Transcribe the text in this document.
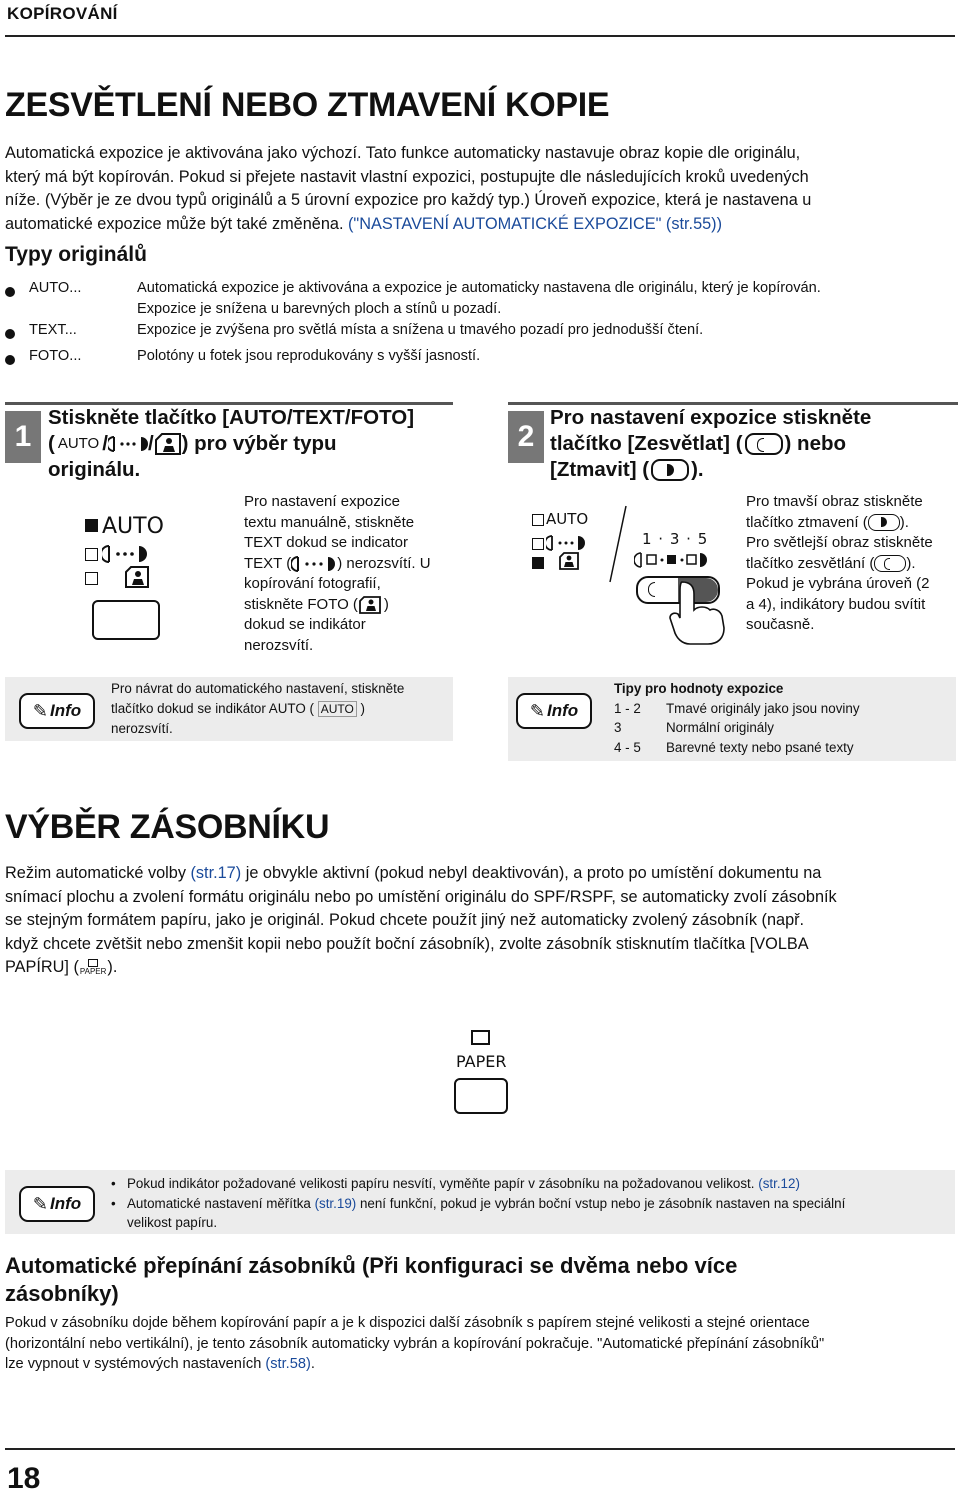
KOPÍROVÁNÍ
ZESVĚTLENÍ NEBO ZTMAVENÍ KOPIE
Automatická expozice je aktivována jako výchozí. Tato funkce automaticky nastavuje obraz kopie dle originálu,
který má být kopírován. Pokud si přejete nastavit vlastní expozici, postupujte dle následujících kroků uvedených
níže. (Výběr je ze dvou typů originálů a 5 úrovní expozice pro každý typ.) Úroveň expozice, která je nastavena u
automatické expozice může být také změněna. ("NASTAVENÍ AUTOMATICKÉ EXPOZICE" (str.55))
Typy originálů
AUTO...	Automatická expozice je aktivována a expozice je automaticky nastavena dle originálu, který je kopírován.
Expozice je snížena u barevných ploch a stínů u pozadí.
TEXT...	Expozice je zvýšena pro světlá místa a snížena u tmavého pozadí pro jednodušší čtení.
FOTO...	Polotóny u fotek jsou reprodukovány s vyšší jasností.
1
Stiskněte tlačítko [AUTO/TEXT/FOTO]
( AUTO / / ) pro výběr typu
originálu.
AUTO
Pro nastavení expozice
textu manuálně, stiskněte
TEXT dokud se indicator
TEXT (	) nerozsvítí. U
kopírování fotografií,
stiskněte FOTO ( )
dokud se indikátor
nerozsvítí.
2
Pro nastavení expozice stiskněte
tlačítko [Zesvětlat] ( ) nebo
[Ztmavit] ( ).
AUTO
1 · 3 · 5
Pro tmavší obraz stiskněte
tlačítko ztmavení ( ).
Pro světlejší obraz stiskněte
tlačítko zesvětlání ( ).
Pokud je vybrána úroveň (2
a 4), indikátory budou svítit
současně.
✎ Info
Pro návrat do automatického nastavení, stiskněte
tlačítko dokud se indikátor AUTO ( AUTO )
nerozsvítí.
✎ Info
Tipy pro hodnoty expozice
1 - 2	Tmavé originály jako jsou noviny
3	Normální originály
4 - 5	Barevné texty nebo psané texty
VÝBĚR ZÁSOBNÍKU
Režim automatické volby (str.17) je obvykle aktivní (pokud nebyl deaktivován), a proto po umístění dokumentu na
snímací plochu a zvolení formátu originálu nebo po umístění originálu do SPF/RSPF, se automaticky zvolí zásobník
se stejným formátem papíru, jako je originál. Pokud chcete použít jiný než automaticky zvolený zásobník (např.
když chcete zvětšit nebo zmenšit kopii nebo použít boční zásobník), zvolte zásobník stisknutím tlačítka [VOLBA
PAPÍRU] ( PAPER ).
PAPER
✎ Info
• Pokud indikátor požadované velikosti papíru nesvítí, vyměňte papír v zásobníku na požadovanou velikost. (str.12)
• Automatické nastavení měřítka (str.19) není funkční, pokud je vybrán boční vstup nebo je zásobník nastaven na speciální
velikost papíru.
Automatické přepínání zásobníků (Při konfiguraci se dvěma nebo více
zásobníky)
Pokud v zásobníku dojde během kopírování papír a je k dispozici další zásobník s papírem stejné velikosti a stejné orientace
(horizontální nebo vertikální), je tento zásobník automaticky vybrán a kopírování pokračuje. "Automatické přepínání zásobníků"
lze vypnout v systémových nastaveních (str.58).
18
